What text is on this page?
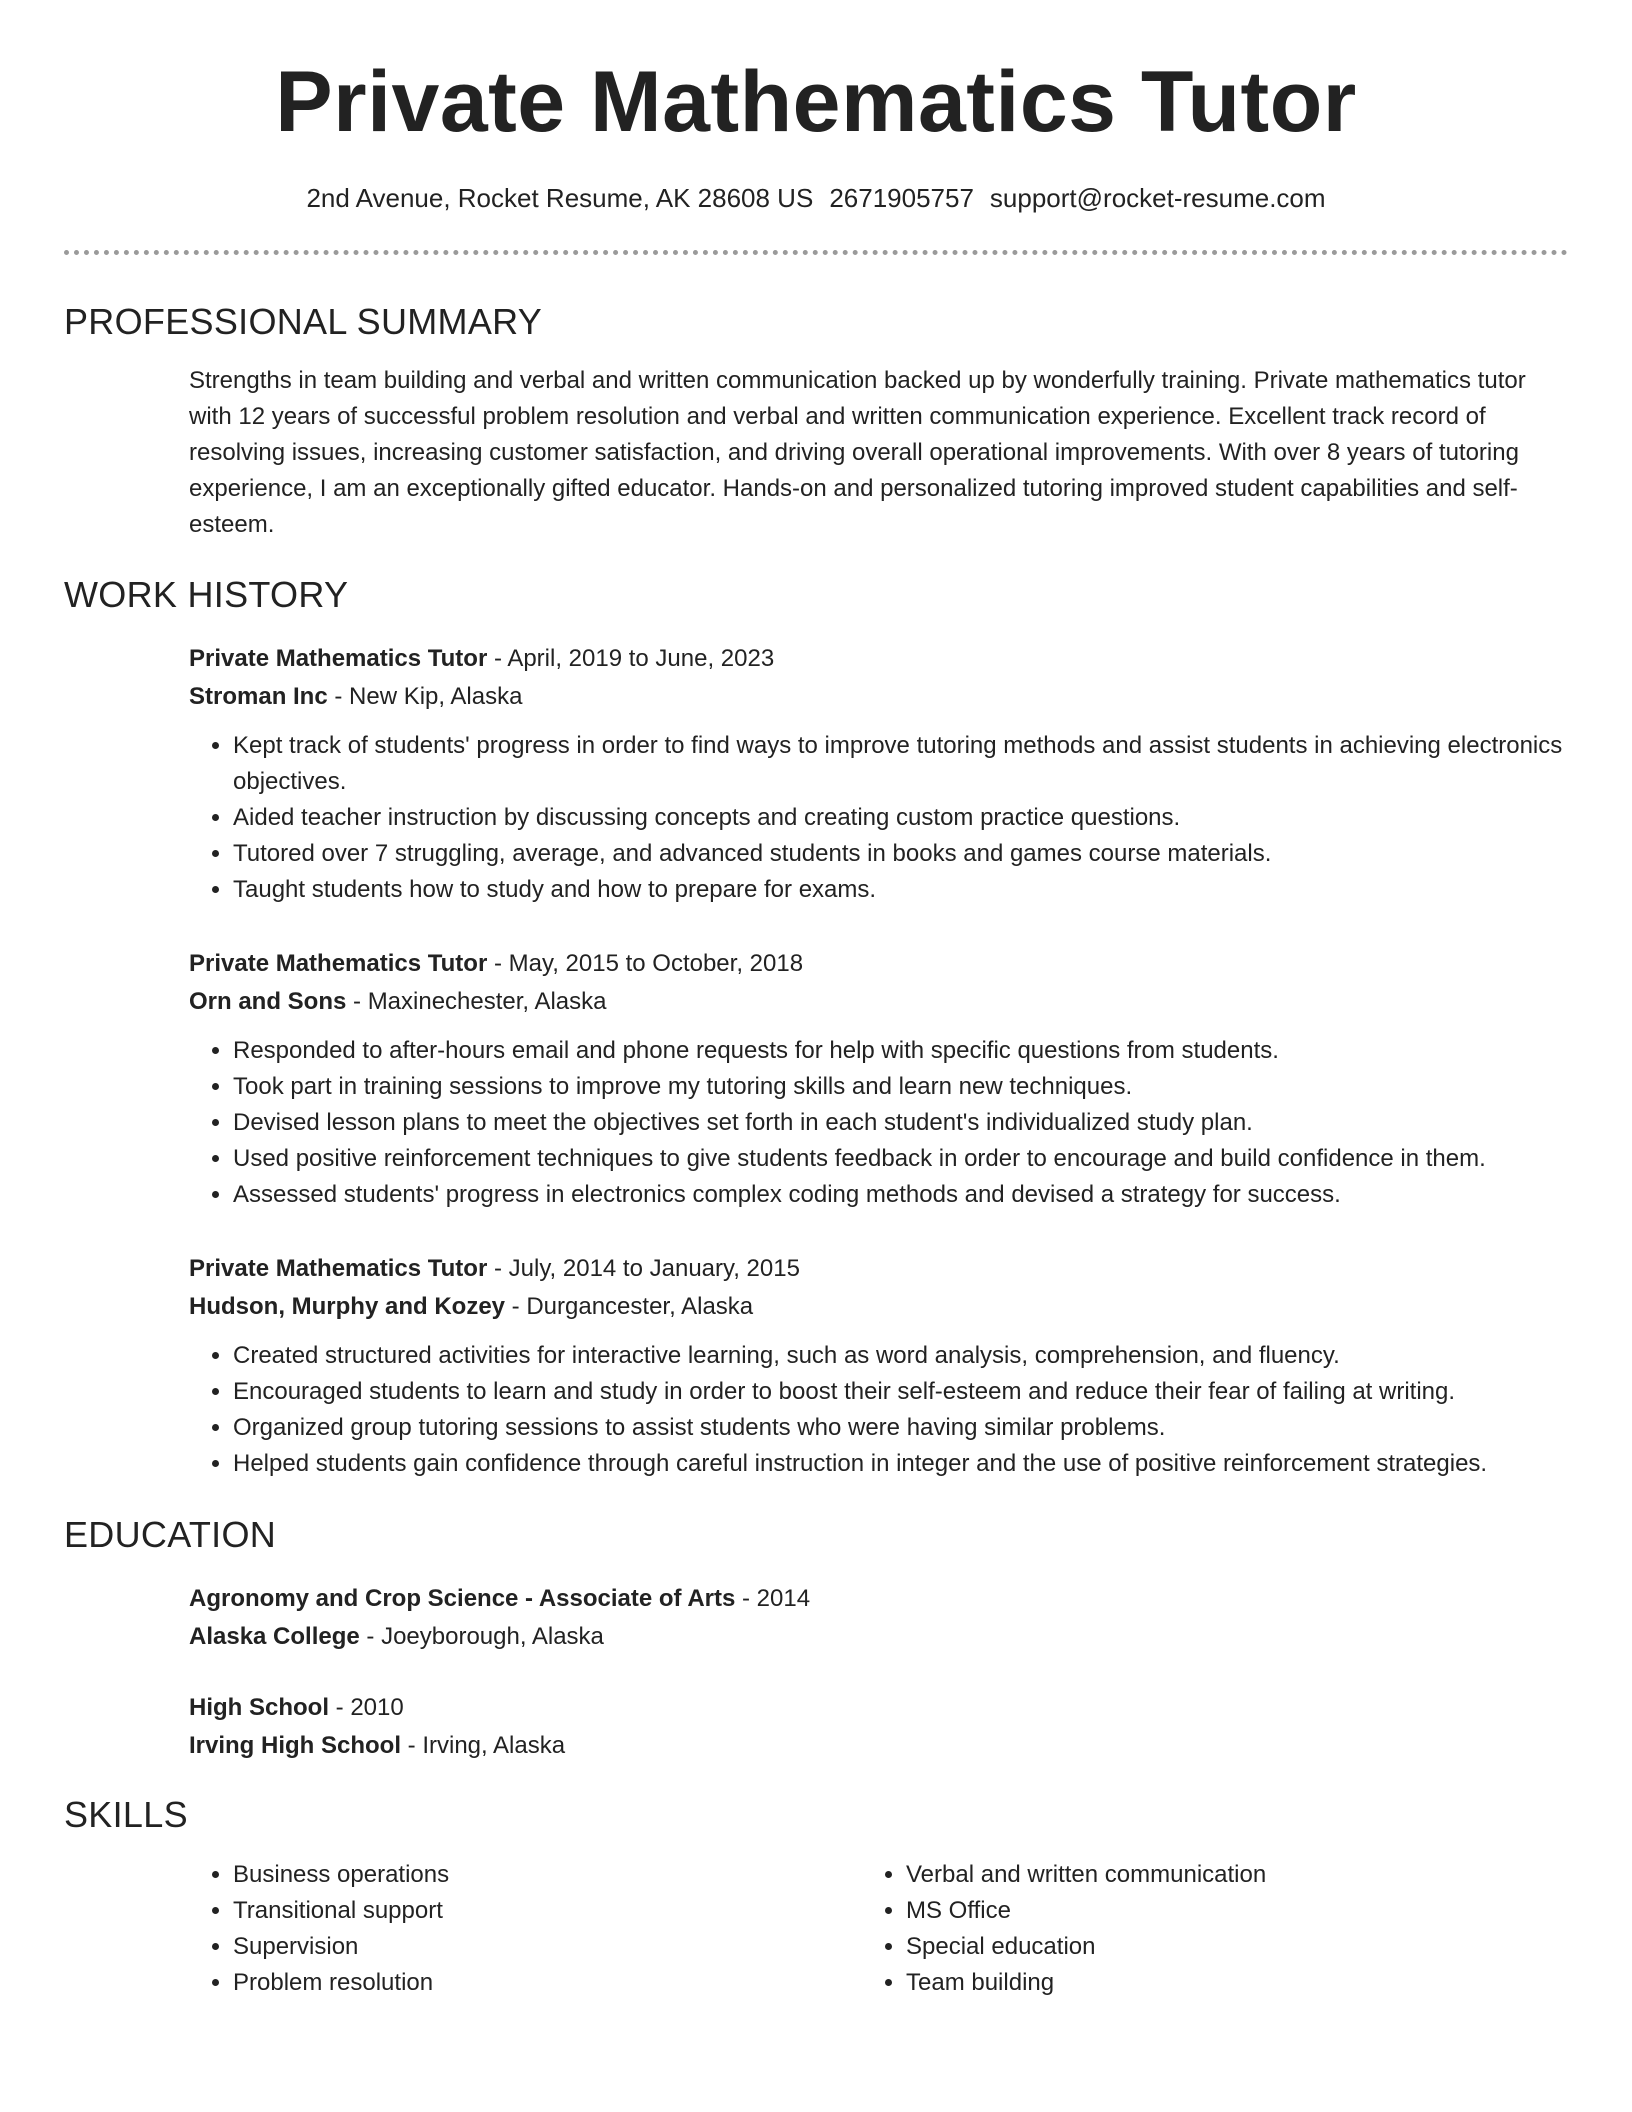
Private Mathematics Tutor
2nd Avenue, Rocket Resume, AK 28608 US 2671905757 support@rocket-resume.com
PROFESSIONAL SUMMARY

Strengths in team building and verbal and written communication backed up by wonderfully training. Private mathematics tutor with 12 years of successful problem resolution and verbal and written communication experience. Excellent track record of resolving issues, increasing customer satisfaction, and driving overall operational improvements. With over 8 years of tutoring experience, I am an exceptionally gifted educator. Hands-on and personalized tutoring improved student capabilities and self-esteem.

WORK HISTORY

Private Mathematics Tutor - April, 2019 to June, 2023

Stroman Inc - New Kip, Alaska

• Kept track of students' progress in order to find ways to improve tutoring methods and assist students in achieving electronics objectives.
• Aided teacher instruction by discussing concepts and creating custom practice questions.
• Tutored over 7 struggling, average, and advanced students in books and games course materials.
• Taught students how to study and how to prepare for exams.

Private Mathematics Tutor - May, 2015 to October, 2018

Orn and Sons - Maxinechester, Alaska

• Responded to after-hours email and phone requests for help with specific questions from students.
• Took part in training sessions to improve my tutoring skills and learn new techniques.
• Devised lesson plans to meet the objectives set forth in each student's individualized study plan.
• Used positive reinforcement techniques to give students feedback in order to encourage and build confidence in them.
• Assessed students' progress in electronics complex coding methods and devised a strategy for success.

Private Mathematics Tutor - July, 2014 to January, 2015

Hudson, Murphy and Kozey - Durgancester, Alaska

• Created structured activities for interactive learning, such as word analysis, comprehension, and fluency.
• Encouraged students to learn and study in order to boost their self-esteem and reduce their fear of failing at writing.
• Organized group tutoring sessions to assist students who were having similar problems.
• Helped students gain confidence through careful instruction in integer and the use of positive reinforcement strategies.
EDUCATION

Agronomy and Crop Science - Associate of Arts - 2014

Alaska College - Joeyborough, Alaska

High School - 2010

Irving High School - Irving, Alaska

SKILLS
• Business operations
• Transitional support
• Supervision
• Problem resolution
• Verbal and written communication
• MS Office
• Special education
• Team building
